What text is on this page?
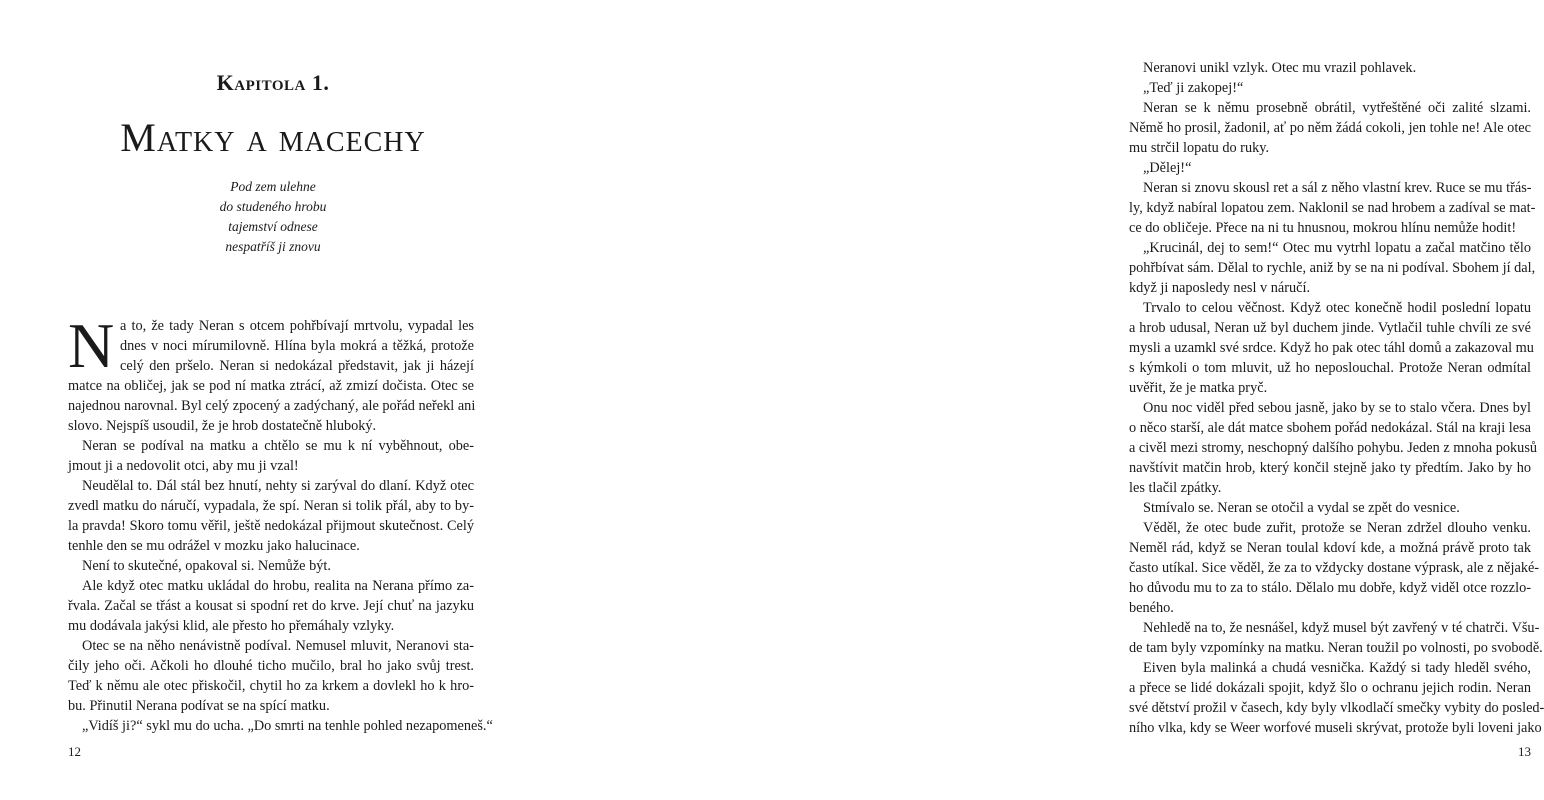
Kapitola 1.
Matky a macechy
Pod zem ulehne
do studeného hrobu
tajemství odnese
nespatříš ji znovu
N a to, že tady Neran s otcem pohřbívají mrtvolu, vypadal les
dnes v noci mírumilovně. Hlína byla mokrá a těžká, protože
celý den pršelo. Neran si nedokázal představit, jak ji házejí
matce na obličej, jak se pod ní matka ztrácí, až zmizí dočista. Otec se
najednou narovnal. Byl celý zpocený a zadýchaný, ale pořád neřekl ani
slovo. Nejspíš usoudil, že je hrob dostatečně hluboký.
Neran se podíval na matku a chtělo se mu k ní vyběhnout, obe-
jmout ji a nedovolit otci, aby mu ji vzal!
Neudělal to. Dál stál bez hnutí, nehty si zarýval do dlaní. Když otec
zvedl matku do náručí, vypadala, že spí. Neran si tolik přál, aby to by-
la pravda! Skoro tomu věřil, ještě nedokázal přijmout skutečnost. Celý
tenhle den se mu odrážel v mozku jako halucinace.
Není to skutečné, opakoval si. Nemůže být.
Ale když otec matku ukládal do hrobu, realita na Nerana přímo za-
řvala. Začal se třást a kousat si spodní ret do krve. Její chuť na jazyku
mu dodávala jakýsi klid, ale přesto ho přemáhaly vzlyky.
Otec se na něho nenávistně podíval. Nemusel mluvit, Neranovi sta-
čily jeho oči. Ačkoli ho dlouhé ticho mučilo, bral ho jako svůj trest.
Teď k němu ale otec přiskočil, chytil ho za krkem a dovlekl ho k hro-
bu. Přinutil Nerana podívat se na spící matku.
„Vidíš ji?“ sykl mu do ucha. „Do smrti na tenhle pohled nezapomeneš.“
12
Neranovi unikl vzlyk. Otec mu vrazil pohlavek.
„Teď ji zakopej!“
Neran se k němu prosebně obrátil, vytřeštěné oči zalité slzami.
Němě ho prosil, žadonil, ať po něm žádá cokoli, jen tohle ne! Ale otec
mu strčil lopatu do ruky.
„Dělej!“
Neran si znovu skousl ret a sál z něho vlastní krev. Ruce se mu třás-
ly, když nabíral lopatou zem. Naklonil se nad hrobem a zadíval se mat-
ce do obličeje. Přece na ni tu hnusnou, mokrou hlínu nemůže hodit!
„Krucinál, dej to sem!“ Otec mu vytrhl lopatu a začal matčino tělo
pohřbívat sám. Dělal to rychle, aniž by se na ni podíval. Sbohem jí dal,
když ji naposledy nesl v náručí.
Trvalo to celou věčnost. Když otec konečně hodil poslední lopatu
a hrob udusal, Neran už byl duchem jinde. Vytlačil tuhle chvíli ze své
mysli a uzamkl své srdce. Když ho pak otec táhl domů a zakazoval mu
s kýmkoli o tom mluvit, už ho neposlouchal. Protože Neran odmítal
uvěřit, že je matka pryč.
Onu noc viděl před sebou jasně, jako by se to stalo včera. Dnes byl
o něco starší, ale dát matce sbohem pořád nedokázal. Stál na kraji lesa
a civěl mezi stromy, neschopný dalšího pohybu. Jeden z mnoha pokusů
navštívit matčin hrob, který končil stejně jako ty předtím. Jako by ho
les tlačil zpátky.
Stmívalo se. Neran se otočil a vydal se zpět do vesnice.
Věděl, že otec bude zuřit, protože se Neran zdržel dlouho venku.
Neměl rád, když se Neran toulal kdoví kde, a možná právě proto tak
často utíkal. Sice věděl, že za to vždycky dostane výprask, ale z nějaké-
ho důvodu mu to za to stálo. Dělalo mu dobře, když viděl otce rozzlo-
beného.
Nehledě na to, že nesnášel, když musel být zavřený v té chatrči. Všu-
de tam byly vzpomínky na matku. Neran toužil po volnosti, po svobodě.
Eiven byla malinká a chudá vesnička. Každý si tady hleděl svého,
a přece se lidé dokázali spojit, když šlo o ochranu jejich rodin. Neran
své dětství prožil v časech, kdy byly vlkodlačí smečky vybity do posled-
ního vlka, kdy se Weer worfové museli skrývat, protože byli loveni jako
13
